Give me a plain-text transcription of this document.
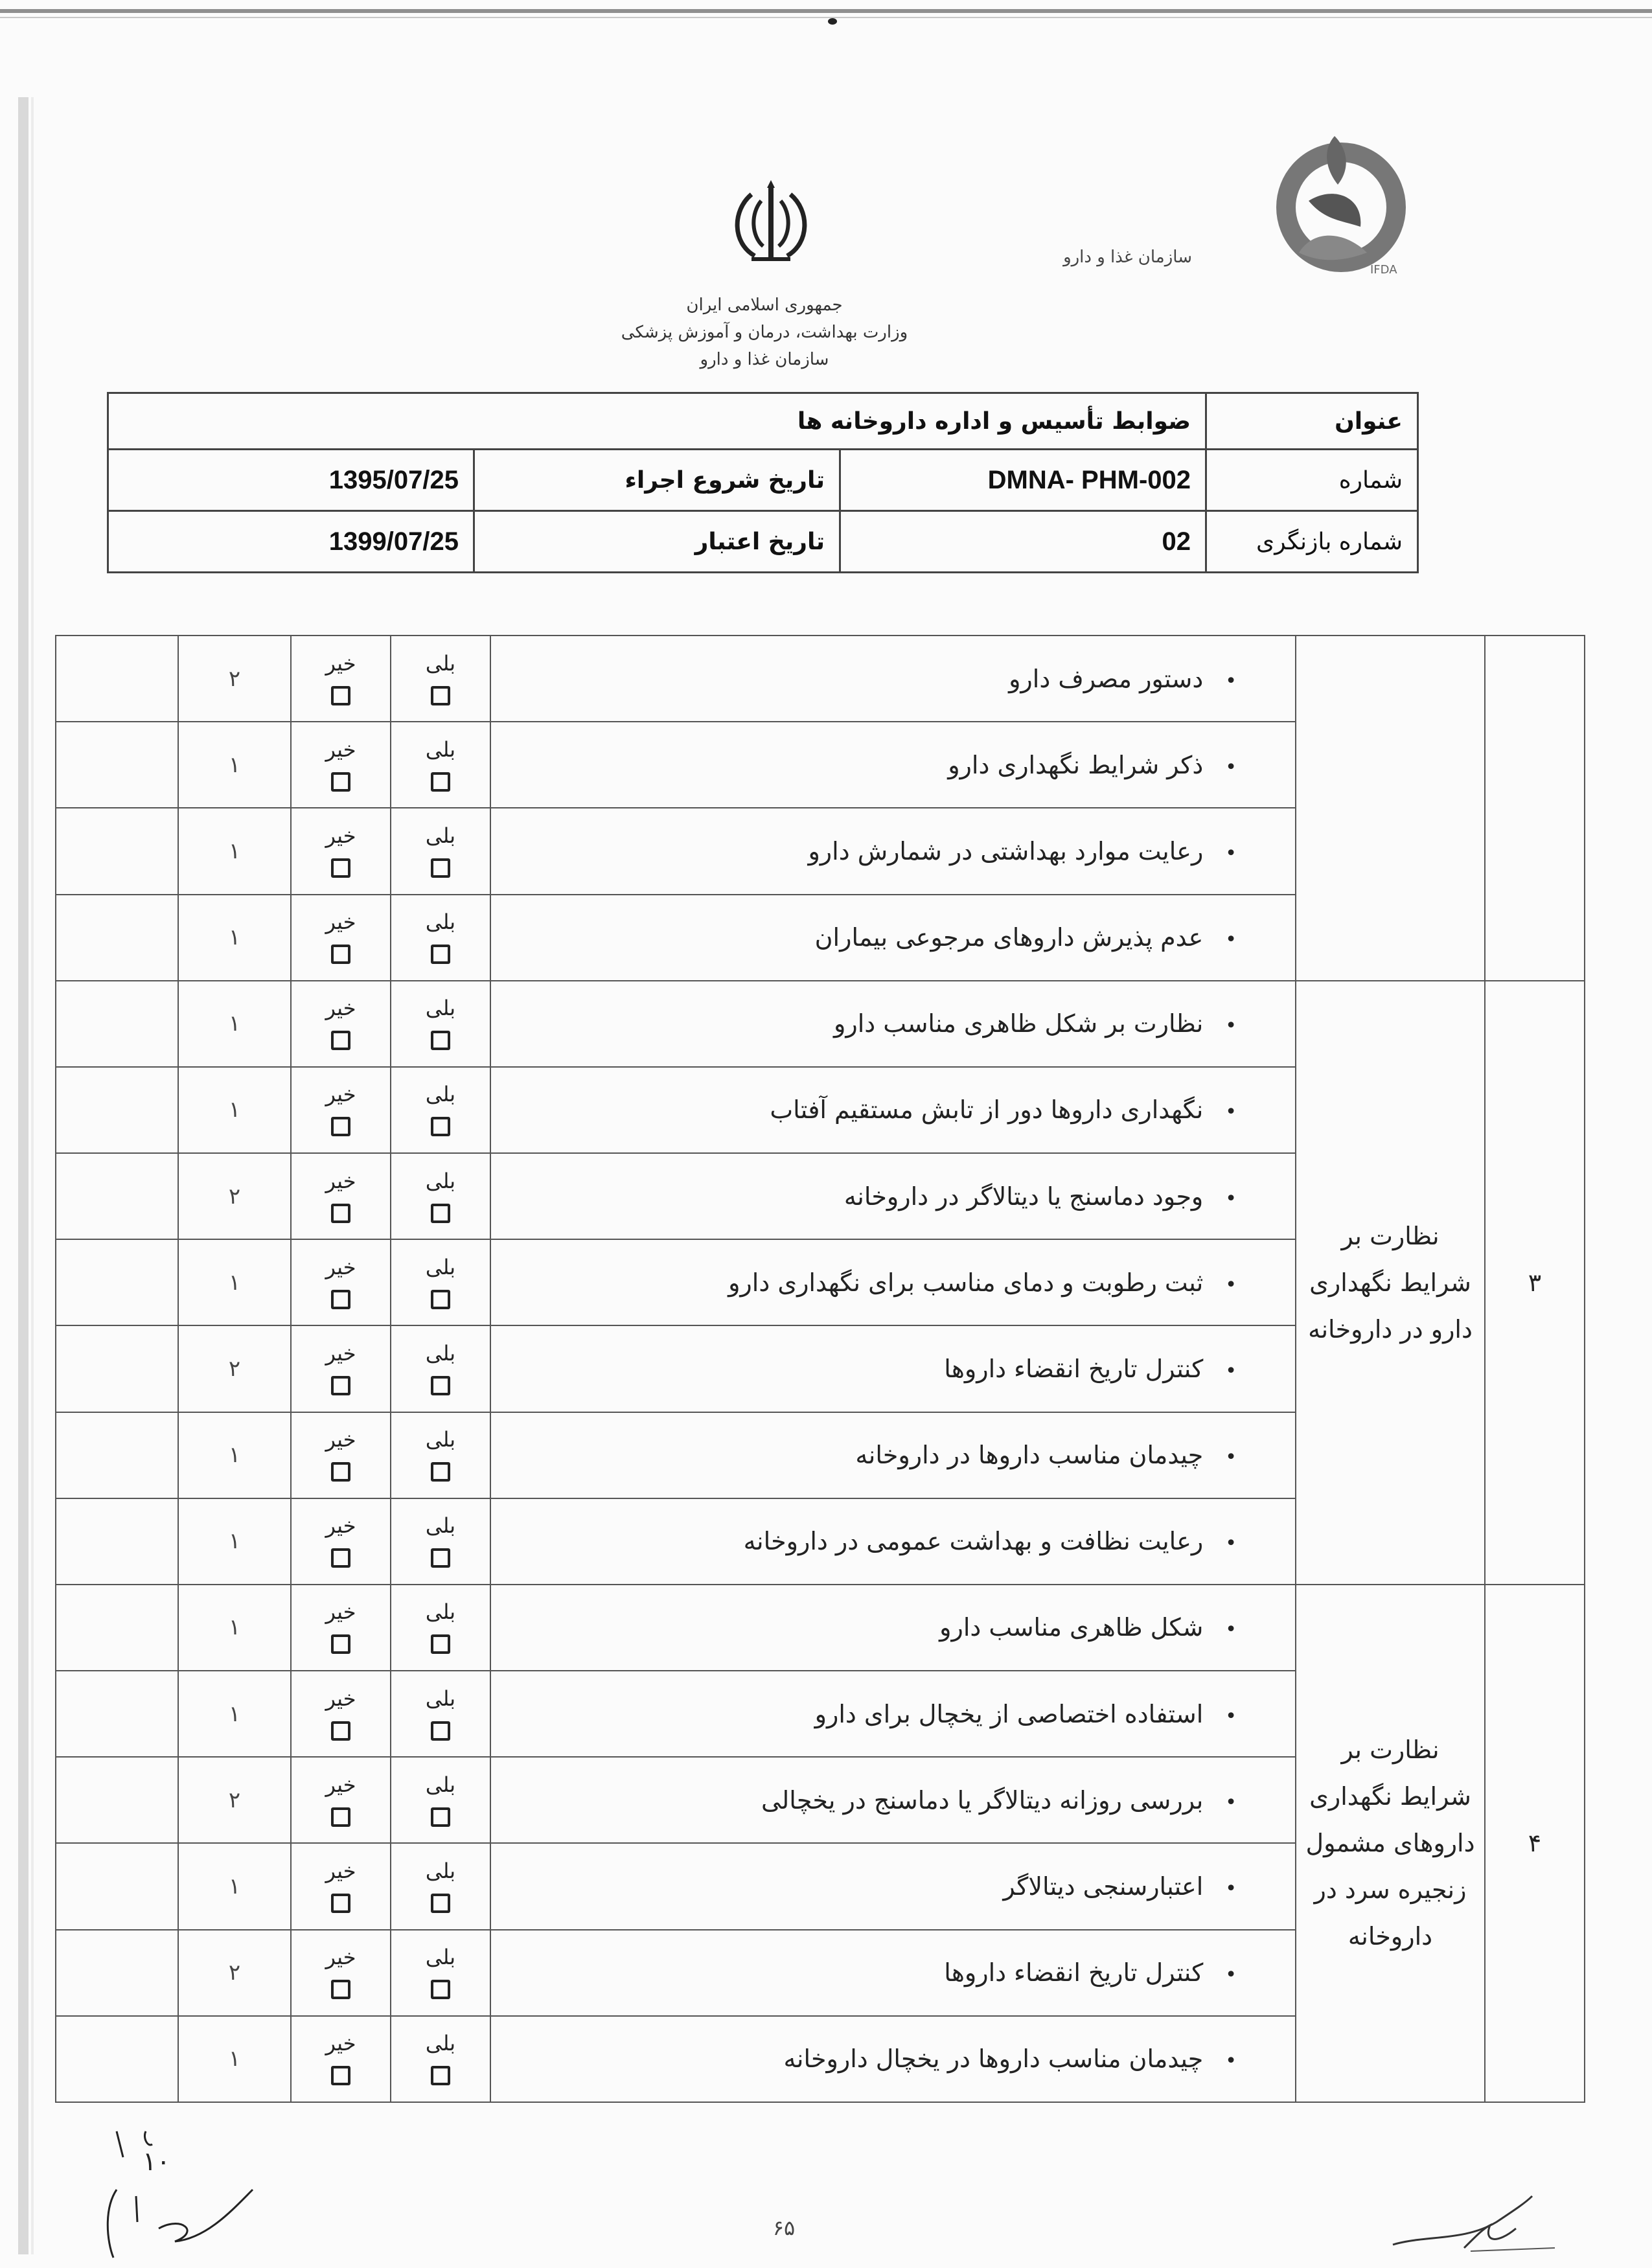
جمهوری اسلامی ایران
وزارت بهداشت، درمان و آموزش پزشکی
سازمان غذا و دارو
سازمان غذا و دارو
IFDA
عنوان	ضوابط تأسیس و اداره داروخانه ها		
شماره	DMNA- PHM-002	تاریخ شروع اجراء	1395/07/25
شماره بازنگری	02	تاریخ اعتبار	1399/07/25
		•دستور مصرف دارو	بلی	خیر	۲	
		•ذکر شرایط نگهداری دارو	بلی	خیر	۱	
		•رعایت موارد بهداشتی در شمارش دارو	بلی	خیر	۱	
		•عدم پذیرش داروهای مرجوعی بیماران	بلی	خیر	۱	
۳	نظارت بر شرایط نگهداری دارو در داروخانه	•نظارت بر شکل ظاهری مناسب دارو	بلی	خیر	۱	
		•نگهداری داروها دور از تابش مستقیم آفتاب	بلی	خیر	۱	
		•وجود دماسنج یا دیتالاگر در داروخانه	بلی	خیر	۲	
		•ثبت رطوبت و دمای مناسب برای نگهداری دارو	بلی	خیر	۱	
		•کنترل تاریخ انقضاء داروها	بلی	خیر	۲	
		•چیدمان مناسب داروها در داروخانه	بلی	خیر	۱	
		•رعایت نظافت و بهداشت عمومی در داروخانه	بلی	خیر	۱	
۴	نظارت بر شرایط نگهداری داروهای مشمول زنجیره سرد در داروخانه	•شکل ظاهری مناسب دارو	بلی	خیر	۱	
		•استفاده اختصاصی از یخچال برای دارو	بلی	خیر	۱	
		•بررسی روزانه دیتالاگر یا دماسنج در یخچالی	بلی	خیر	۲	
		•اعتبارسنجی دیتالاگر	بلی	خیر	۱	
		•کنترل تاریخ انقضاء داروها	بلی	خیر	۲	
		•چیدمان مناسب داروها در یخچال داروخانه	بلی	خیر	۱	
۱۰
۶۵
